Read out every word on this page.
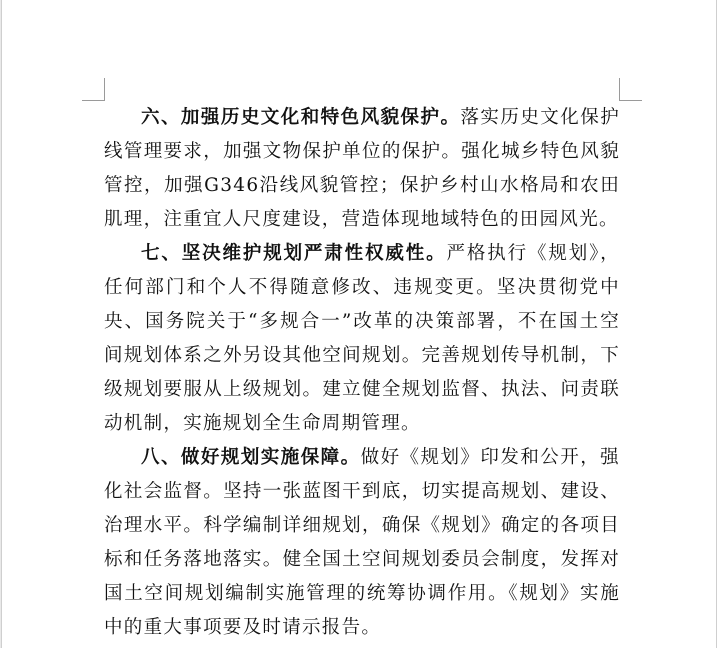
六、加强历史文化和特色风貌保护。落实历史文化保护线管理要求，加强文物保护单位的保护。强化城乡特色风貌管控，加强G346沿线风貌管控；保护乡村山水格局和农田肌理，注重宜人尺度建设，营造体现地域特色的田园风光。

七、坚决维护规划严肃性权威性。严格执行《规划》，任何部门和个人不得随意修改、违规变更。坚决贯彻党中央、国务院关于“多规合一”改革的决策部署，不在国土空间规划体系之外另设其他空间规划。完善规划传导机制，下级规划要服从上级规划。建立健全规划监督、执法、问责联动机制，实施规划全生命周期管理。

八、做好规划实施保障。做好《规划》印发和公开，强化社会监督。坚持一张蓝图干到底，切实提高规划、建设、治理水平。科学编制详细规划，确保《规划》确定的各项目标和任务落地落实。健全国土空间规划委员会制度，发挥对国土空间规划编制实施管理的统筹协调作用。《规划》实施中的重大事项要及时请示报告。
